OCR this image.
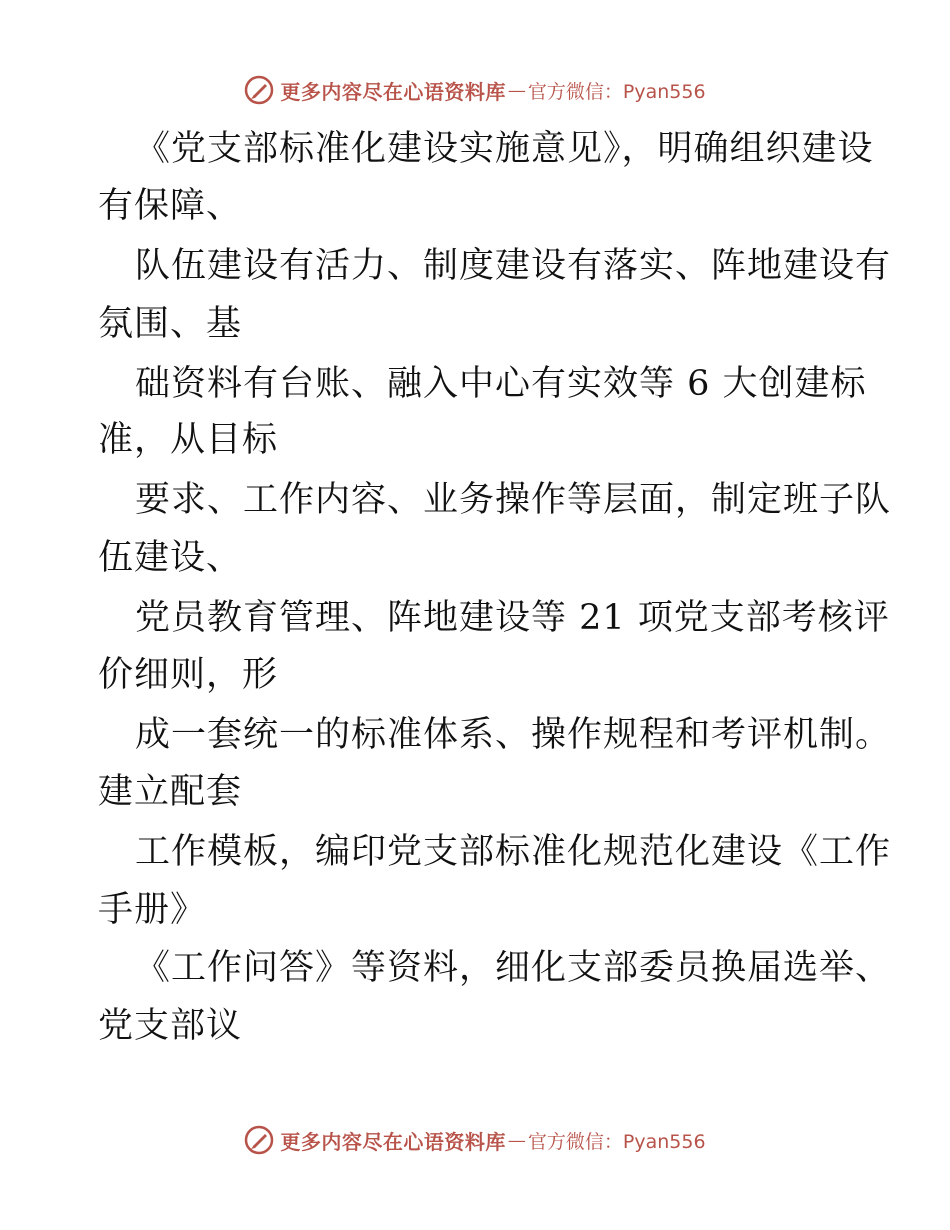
更多内容尽在心语资料库 — 官方微信：Pyan556
《党支部标准化建设实施意见》，明确组织建设
有保障、
队伍建设有活力、制度建设有落实、阵地建设有
氛围、基
础资料有台账、融入中心有实效等 6 大创建标
准，从目标
要求、工作内容、业务操作等层面，制定班子队
伍建设、
党员教育管理、阵地建设等 21 项党支部考核评
价细则，形
成一套统一的标准体系、操作规程和考评机制。
建立配套
工作模板，编印党支部标准化规范化建设《工作
手册》
《工作问答》等资料，细化支部委员换届选举、
党支部议
更多内容尽在心语资料库 — 官方微信：Pyan556
